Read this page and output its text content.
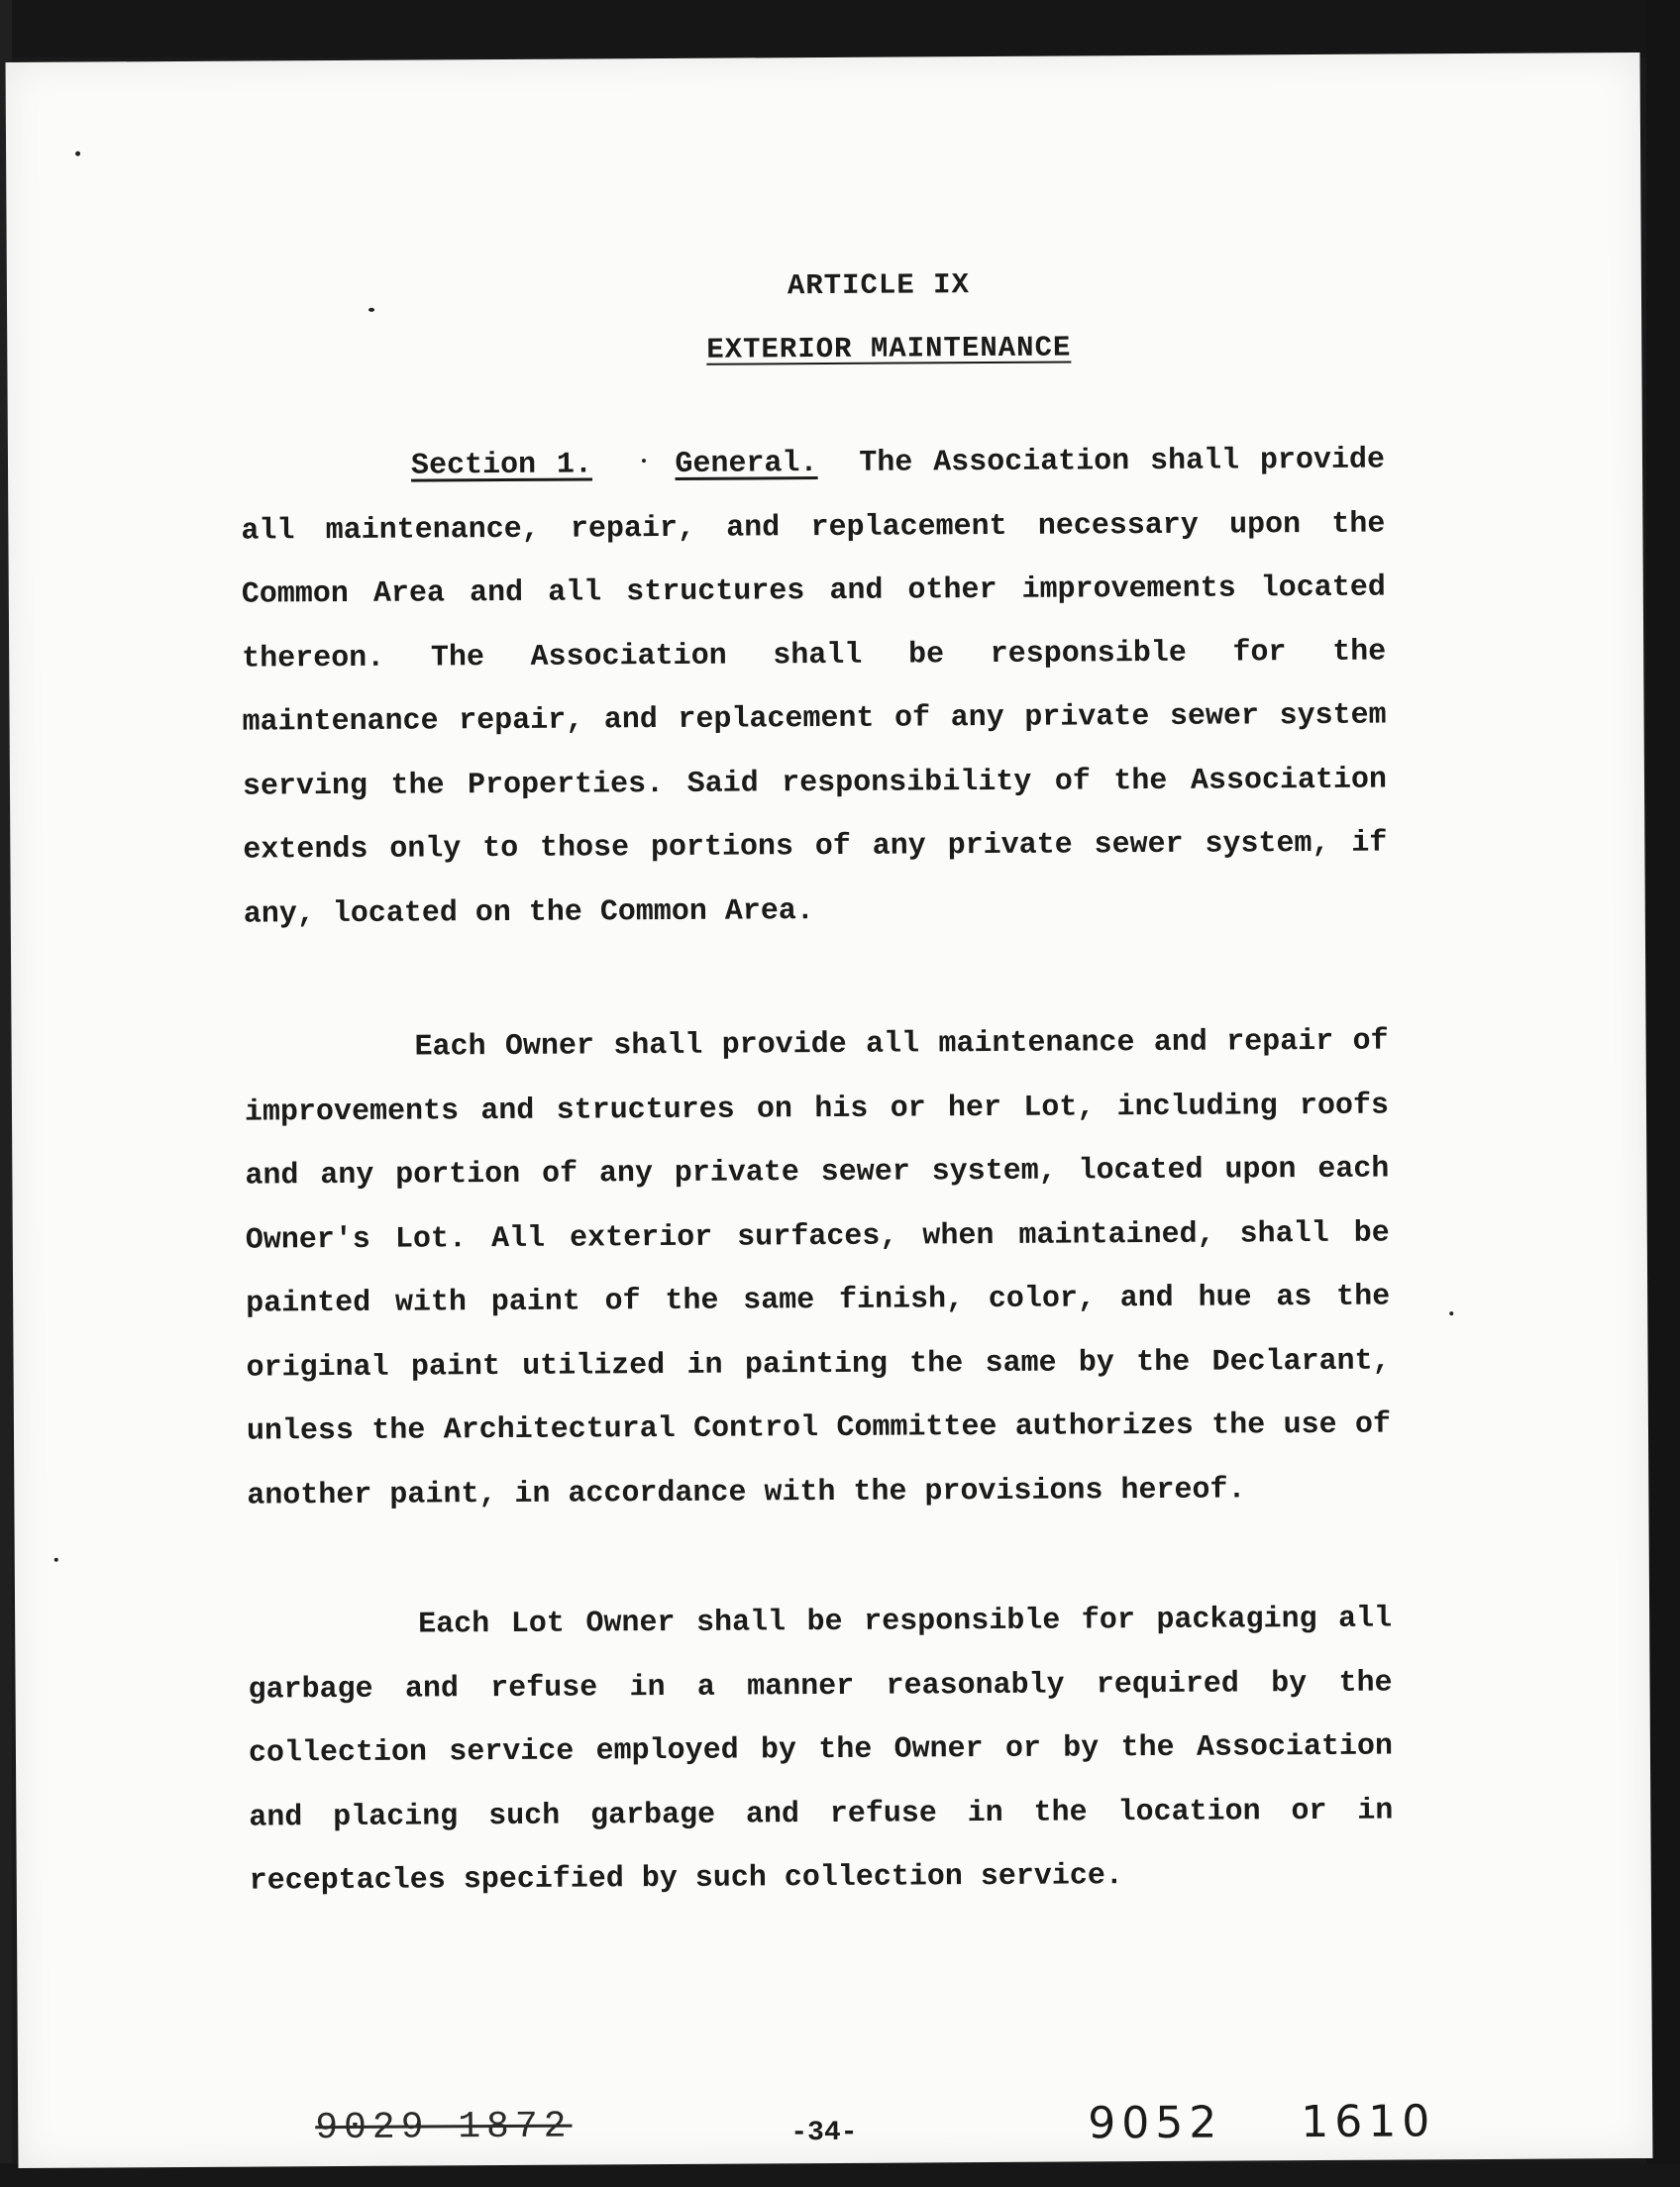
ARTICLE IX
EXTERIOR MAINTENANCE

Section 1.	General. The Association shall provide all maintenance, repair, and replacement necessary upon the Common Area and all structures and other improvements located thereon. The Association shall be responsible for the maintenance repair, and replacement of any private sewer system serving the Properties. Said responsibility of the Association extends only to those portions of any private sewer system, if any, located on the Common Area.

Each Owner shall provide all maintenance and repair of improvements and structures on his or her Lot, including roofs and any portion of any private sewer system, located upon each Owner's Lot. All exterior surfaces, when maintained, shall be painted with paint of the same finish, color, and hue as the original paint utilized in painting the same by the Declarant, unless the Architectural Control Committee authorizes the use of another paint, in accordance with the provisions hereof.

Each Lot Owner shall be responsible for packaging all garbage and refuse in a manner reasonably required by the collection service employed by the Owner or by the Association and placing such garbage and refuse in the location or in receptacles specified by such collection service.

9029 1872	-34-	9052 1610
